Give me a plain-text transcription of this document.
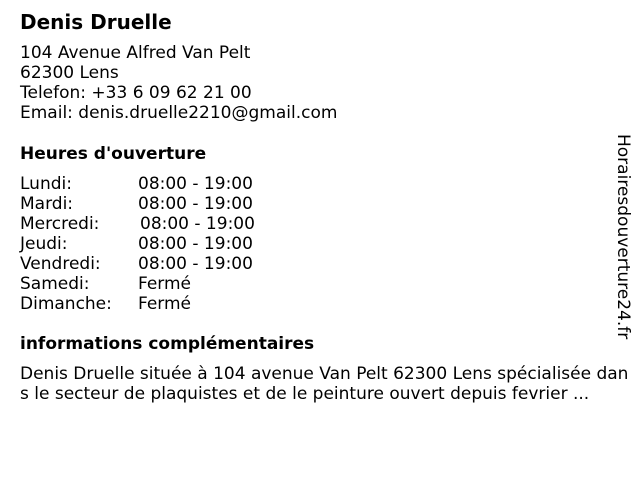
Denis Druelle
104 Avenue Alfred Van Pelt
62300 Lens
Telefon: +33 6 09 62 21 00
Email: denis.druelle2210@gmail.com
Heures d'ouverture
Lundi:	08:00 - 19:00
Mardi:	08:00 - 19:00
Mercredi: 08:00 - 19:00
Jeudi:	08:00 - 19:00
Vendredi: 08:00 - 19:00
Samedi:	Fermé
Dimanche: Fermé
informations complémentaires
Denis Druelle située à 104 avenue Van Pelt 62300 Lens spécialisée dans le secteur de plaquistes et de le peinture ouvert depuis fevrier ...
Horairesdouverture24.fr
